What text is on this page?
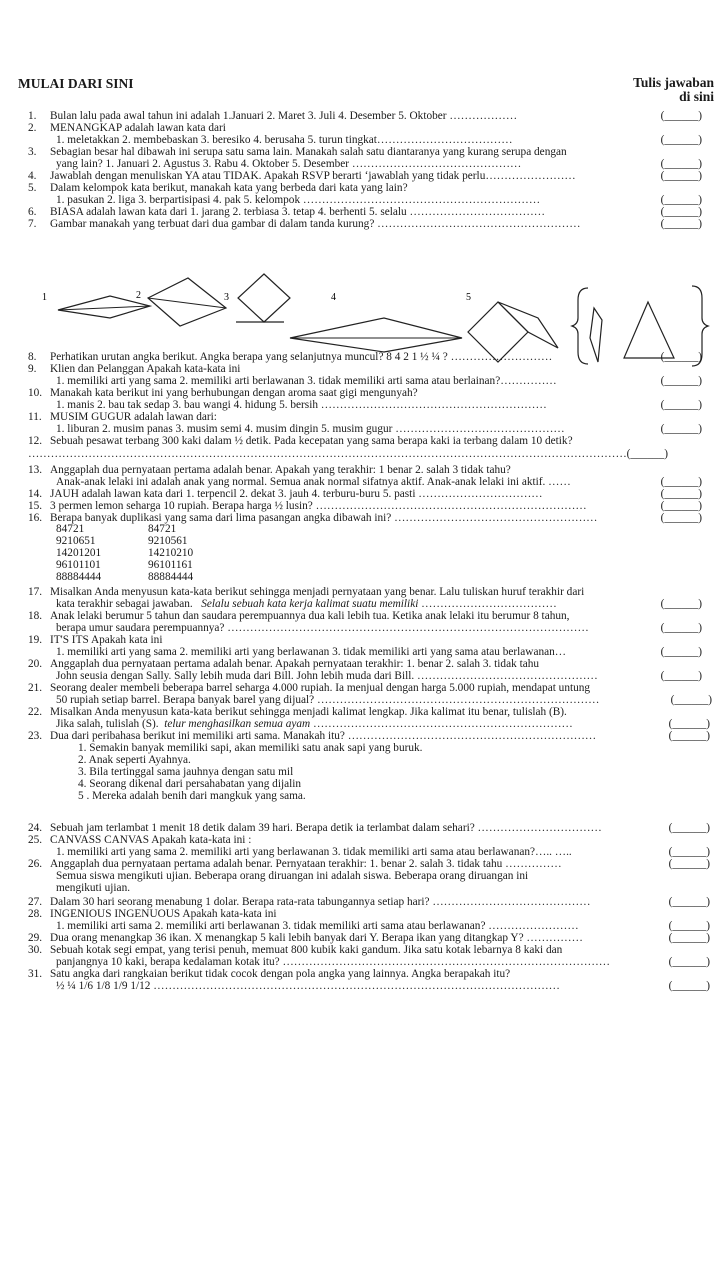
MULAI DARI SINI	Tulis jawaban
di sini
1. Bulan lalu pada awal tahun ini adalah 1.Januari 2. Maret 3. Juli 4. Desember 5. Oktober ………………	(______)
2. MENANGKAP adalah lawan kata dari
1. meletakkan 2. membebaskan 3. beresiko 4. berusaha 5. turun tingkat………………………………	(______)
3. Sebagian besar hal dibawah ini serupa satu sama lain. Manakah salah satu diantaranya yang kurang serupa dengan
yang lain? 1. Januari 2. Agustus 3. Rabu 4. Oktober 5. Desember ………………………………………	(______)
4. Jawablah dengan menuliskan YA atau TIDAK. Apakah RSVP berarti ‘jawablah yang tidak perlu……………………	(______)
5. Dalam kelompok kata berikut, manakah kata yang berbeda dari kata yang lain?
1. pasukan 2. liga 3. berpartisipasi 4. pak 5. kelompok ………………………………………………………	(______)
6. BIASA adalah lawan kata dari 1. jarang 2. terbiasa 3. tetap 4. berhenti 5. selalu ………………………………	(______)
7. Gambar manakah yang terbuat dari dua gambar di dalam tanda kurung? ………………………………………………	(______)
1	2	3	4	5
8. Perhatikan urutan angka berikut. Angka berapa yang selanjutnya muncul? 8 4 2 1 ½ ¼ ? ………………………	(______)
9. Klien dan Pelanggan Apakah kata-kata ini
1. memiliki arti yang sama 2. memiliki arti berlawanan 3. tidak memiliki arti sama atau berlainan?……………	(______)
10. Manakah kata berikut ini yang berhubungan dengan aroma saat gigi mengunyah?
1. manis 2. bau tak sedap 3. bau wangi 4. hidung 5. bersih ……………………………………………………	(______)
11. MUSIM GUGUR adalah lawan dari:
1. liburan 2. musim panas 3. musim semi 4. musim dingin 5. musim gugur ………………………………………	(______)
12. Sebuah pesawat terbang 300 kaki dalam ½ detik. Pada kecepatan yang sama berapa kaki ia terbang dalam 10 detik?
…………………………………………………………………………………………………………………………………………… (______)
13. Anggaplah dua pernyataan pertama adalah benar. Apakah yang terakhir: 1 benar 2. salah 3 tidak tahu?
Anak-anak lelaki ini adalah anak yang normal. Semua anak normal sifatnya aktif. Anak-anak lelaki ini aktif. ……	(______)
14. JAUH adalah lawan kata dari 1. terpencil 2. dekat 3. jauh 4. terburu-buru 5. pasti ……………………………	(______)
15. 3 permen lemon seharga 10 rupiah. Berapa harga ½ lusin? ………………………………………………………………	(______)
16. Berapa banyak duplikasi yang sama dari lima pasangan angka dibawah ini? ………………………………………………	(______)
84721	84721
9210651	9210561
14201201	14210210
96101101	96101161
88884444	88884444
17. Misalkan Anda menyusun kata-kata berikut sehingga menjadi pernyataan yang benar. Lalu tuliskan huruf terakhir dari
kata terakhir sebagai jawaban. Selalu sebuah kata kerja kalimat suatu memiliki ………………………………	(______)
18. Anak lelaki berumur 5 tahun dan saudara perempuannya dua kali lebih tua. Ketika anak lelaki itu berumur 8 tahun,
berapa umur saudara perempuannya? ……………………………………………………………………………………	(______)
19. IT'S ITS Apakah kata ini
1. memiliki arti yang sama 2. memiliki arti yang berlawanan 3. tidak memiliki arti yang sama atau berlawanan…	(______)
20. Anggaplah dua pernyataan pertama adalah benar. Apakah pernyataan terakhir: 1. benar 2. salah 3. tidak tahu
John seusia dengan Sally. Sally lebih muda dari Bill. John lebih muda dari Bill. …………………………………………	(______)
21. Seorang dealer membeli beberapa barrel seharga 4.000 rupiah. Ia menjual dengan harga 5.000 rupiah, mendapat untung
50 rupiah setiap barrel. Berapa banyak barel yang dijual? …………………………………………………………………	(______)
22. Misalkan Anda menyusun kata-kata berikut sehingga menjadi kalimat lengkap. Jika kalimat itu benar, tulislah (B).
Jika salah, tulislah (S). telur menghasilkan semua ayam ……………………………………………………………	(______)
23. Dua dari peribahasa berikut ini memiliki arti sama. Manakah itu? …………………………………………………………	(______)
1. Semakin banyak memiliki sapi, akan memiliki satu anak sapi yang buruk.
2. Anak seperti Ayahnya.
3. Bila tertinggal sama jauhnya dengan satu mil
4. Seorang dikenal dari persahabatan yang dijalin
5 . Mereka adalah benih dari mangkuk yang sama.
24. Sebuah jam terlambat 1 menit 18 detik dalam 39 hari. Berapa detik ia terlambat dalam sehari? ……………………………	(______)
25. CANVASS CANVAS Apakah kata-kata ini :
1. memiliki arti yang sama 2. memiliki arti yang berlawanan 3. tidak memiliki arti sama atau berlawanan?….. …..	(______)
26. Anggaplah dua pernyataan pertama adalah benar. Pernyataan terakhir: 1. benar 2. salah 3. tidak tahu ……………	(______)
Semua siswa mengikuti ujian. Beberapa orang diruangan ini adalah siswa. Beberapa orang diruangan ini
mengikuti ujian.
27. Dalam 30 hari seorang menabung 1 dolar. Berapa rata-rata tabungannya setiap hari? ……………………………………	(______)
28. INGENIOUS INGENUOUS Apakah kata-kata ini
1. memiliki arti sama 2. memiliki arti berlawanan 3. tidak memiliki arti sama atau berlawanan? ……………………	(______)
29. Dua orang menangkap 36 ikan. X menangkap 5 kali lebih banyak dari Y. Berapa ikan yang ditangkap Y? ……………	(______)
30. Sebuah kotak segi empat, yang terisi penuh, memuat 800 kubik kaki gandum. Jika satu kotak lebarnya 8 kaki dan
panjangnya 10 kaki, berapa kedalaman kotak itu? ……………………………………………………………………………	(______)
31. Satu angka dari rangkaian berikut tidak cocok dengan pola angka yang lainnya. Angka berapakah itu?
½ ¼ 1/6 1/8 1/9 1/12 ………………………………………………………………………………………………	(______)
